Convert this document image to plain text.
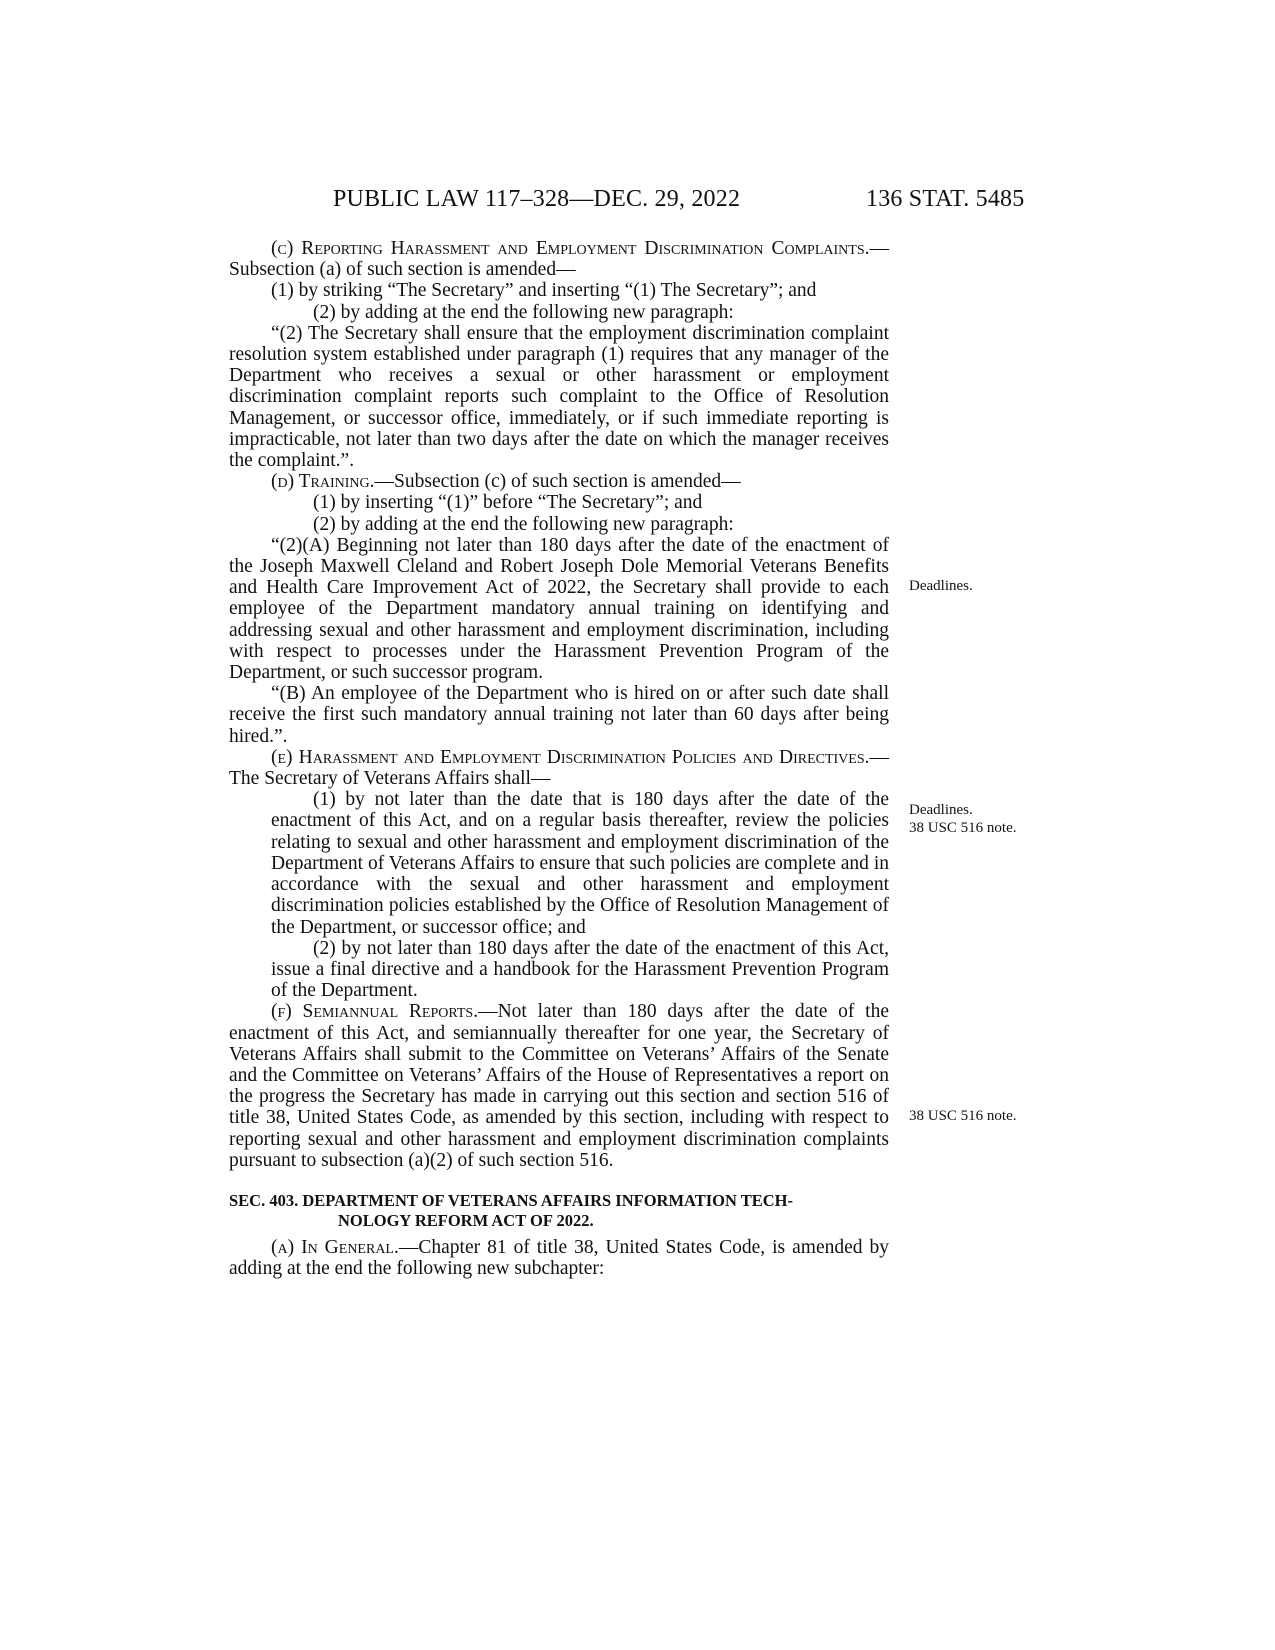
PUBLIC LAW 117–328—DEC. 29, 2022	136 STAT. 5485

(c) Reporting Harassment and Employment Discrimination Complaints.—Subsection (a) of such section is amended—

(1) by striking “The Secretary” and inserting “(1) The Secretary”; and

(2) by adding at the end the following new paragraph:

“(2) The Secretary shall ensure that the employment discrimination complaint resolution system established under paragraph (1) requires that any manager of the Department who receives a sexual or other harassment or employment discrimination complaint reports such complaint to the Office of Resolution Management, or successor office, immediately, or if such immediate reporting is impracticable, not later than two days after the date on which the manager receives the complaint.”.

(d) Training.—Subsection (c) of such section is amended—

(1) by inserting “(1)” before “The Secretary”; and

(2) by adding at the end the following new paragraph:

“(2)(A) Beginning not later than 180 days after the date of the enactment of the Joseph Maxwell Cleland and Robert Joseph Dole Memorial Veterans Benefits and Health Care Improvement Act of 2022, the Secretary shall provide to each employee of the Department mandatory annual training on identifying and addressing sexual and other harassment and employment discrimination, including with respect to processes under the Harassment Prevention Program of the Department, or such successor program.

“(B) An employee of the Department who is hired on or after such date shall receive the first such mandatory annual training not later than 60 days after being hired.”.

(e) Harassment and Employment Discrimination Policies and Directives.—The Secretary of Veterans Affairs shall—

(1) by not later than the date that is 180 days after the date of the enactment of this Act, and on a regular basis thereafter, review the policies relating to sexual and other harassment and employment discrimination of the Department of Veterans Affairs to ensure that such policies are complete and in accordance with the sexual and other harassment and employment discrimination policies established by the Office of Resolution Management of the Department, or successor office; and

(2) by not later than 180 days after the date of the enactment of this Act, issue a final directive and a handbook for the Harassment Prevention Program of the Department.

(f) Semiannual Reports.—Not later than 180 days after the date of the enactment of this Act, and semiannually thereafter for one year, the Secretary of Veterans Affairs shall submit to the Committee on Veterans’ Affairs of the Senate and the Committee on Veterans’ Affairs of the House of Representatives a report on the progress the Secretary has made in carrying out this section and section 516 of title 38, United States Code, as amended by this section, including with respect to reporting sexual and other harassment and employment discrimination complaints pursuant to subsection (a)(2) of such section 516.

SEC. 403. DEPARTMENT OF VETERANS AFFAIRS INFORMATION TECH-
NOLOGY REFORM ACT OF 2022.

(a) In General.—Chapter 81 of title 38, United States Code, is amended by adding at the end the following new subchapter:

Deadlines.
Deadlines.
38 USC 516 note.
38 USC 516 note.
